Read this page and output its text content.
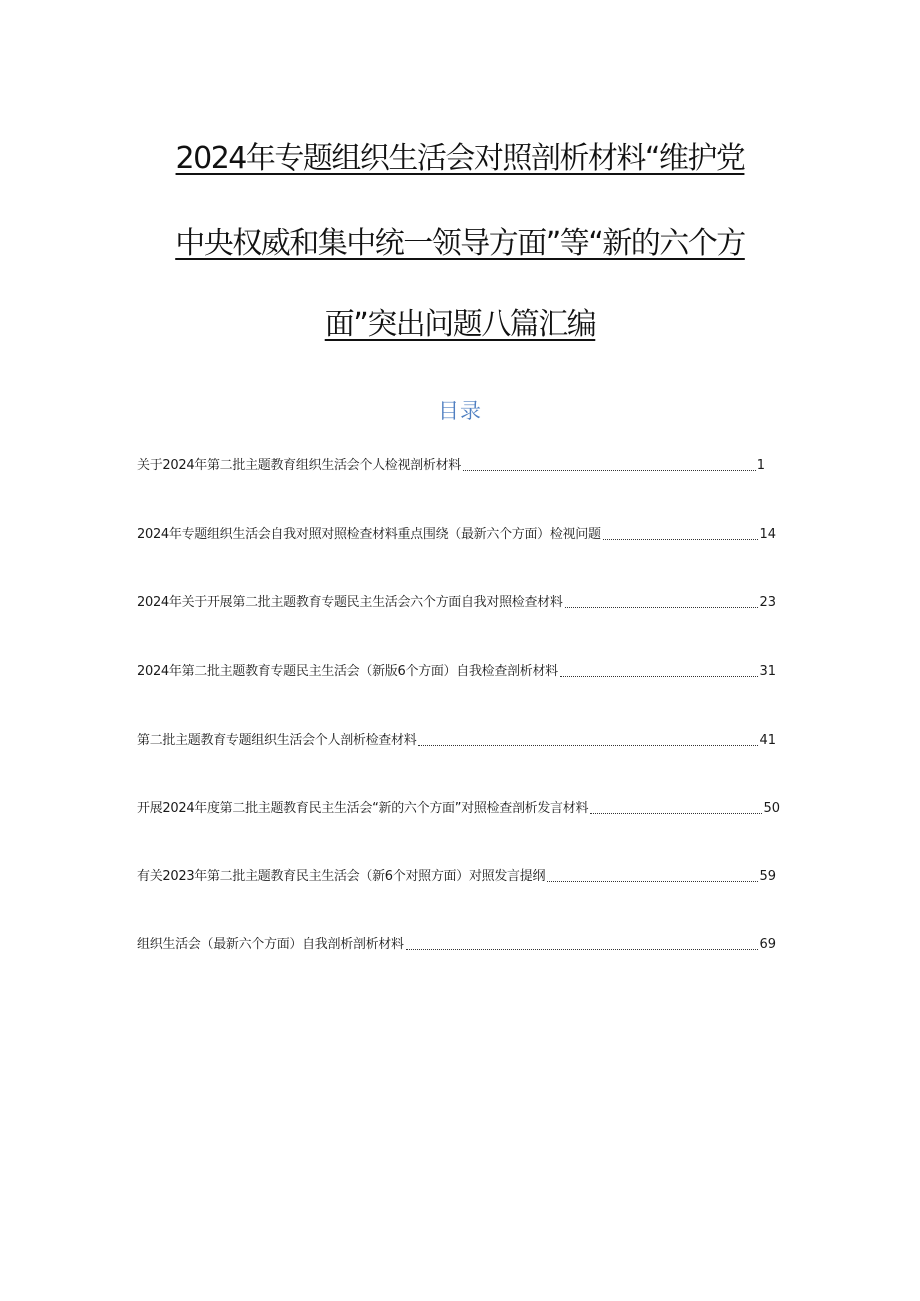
2024年专题组织生活会对照剖析材料“维护党
中央权威和集中统一领导方面”等“新的六个方
面”突出问题八篇汇编
目录
关于2024年第二批主题教育组织生活会个人检视剖析材料	1
2024年专题组织生活会自我对照对照检查材料重点围绕（最新六个方面）检视问题	14
2024年关于开展第二批主题教育专题民主生活会六个方面自我对照检查材料	23
2024年第二批主题教育专题民主生活会（新版6个方面）自我检查剖析材料	31
第二批主题教育专题组织生活会个人剖析检查材料	41
开展2024年度第二批主题教育民主生活会“新的六个方面”对照检查剖析发言材料	50
有关2023年第二批主题教育民主生活会（新6个对照方面）对照发言提纲	59
组织生活会（最新六个方面）自我剖析剖析材料	69
